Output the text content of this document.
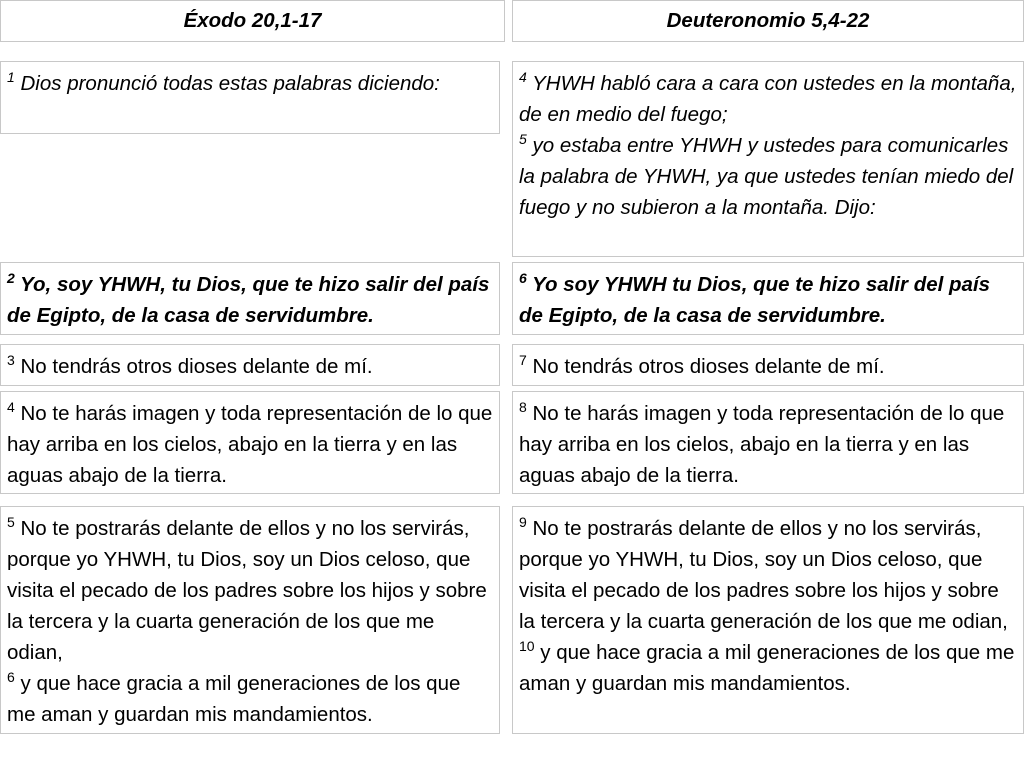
Éxodo 20,1-17	Deuteronomio 5,4-22
$^1$ Dios pronunció todas estas palabras diciendo:
$^2$ Yo, soy YHWH, tu Dios, que te hizo salir del país de Egipto, de la casa de servidumbre.
$^3$ No tendrás otros dioses delante de mí.
$^4$ No te harás imagen y toda representación de lo que hay arriba en los cielos, abajo en la tierra y en las aguas abajo de la tierra.
$^5$ No te postrarás delante de ellos y no los servirás, porque yo YHWH, tu Dios, soy un Dios celoso, que visita el pecado de los padres sobre los hijos y sobre la tercera y la cuarta generación de los que me odian,
$^6$ y que hace gracia a mil generaciones de los que me aman y guardan mis mandamientos.
$^4$ YHWH habló cara a cara con ustedes en la montaña, de en medio del fuego;
$^5$ yo estaba entre YHWH y ustedes para comunicarles la palabra de YHWH, ya que ustedes tenían miedo del fuego y no subieron a la montaña. Dijo:
$^6$ Yo soy YHWH tu Dios, que te hizo salir del país de Egipto, de la casa de servidumbre.
$^7$ No tendrás otros dioses delante de mí.
$^8$ No te harás imagen y toda representación de lo que hay arriba en los cielos, abajo en la tierra y en las aguas abajo de la tierra.
$^9$ No te postrarás delante de ellos y no los servirás, porque yo YHWH, tu Dios, soy un Dios celoso, que visita el pecado de los padres sobre los hijos y sobre la tercera y la cuarta generación de los que me odian,
$^{10}$ y que hace gracia a mil generaciones de los que me aman y guardan mis mandamientos.
